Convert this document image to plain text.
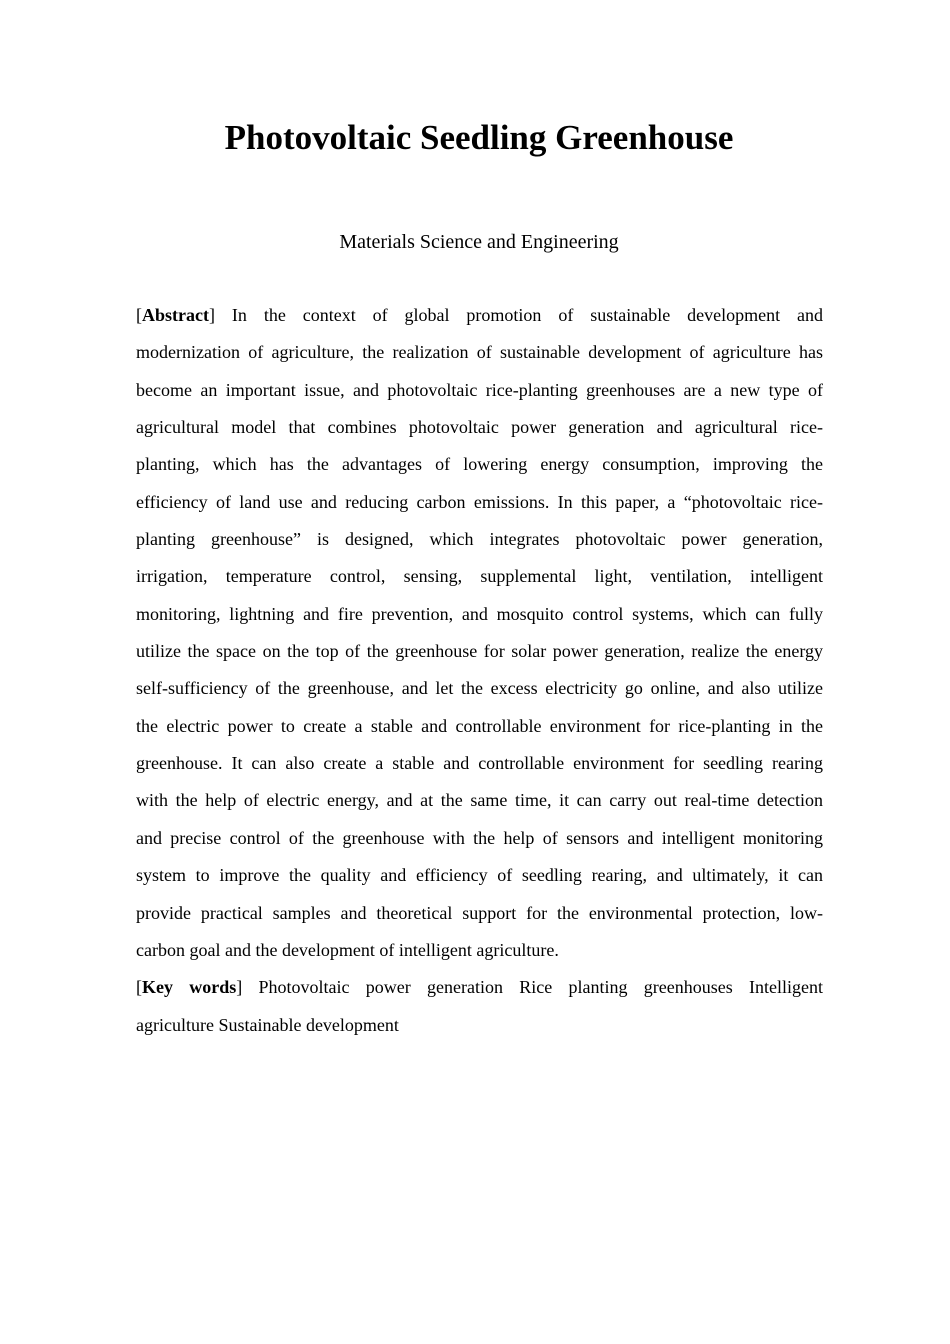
Photovoltaic Seedling Greenhouse
Materials Science and Engineering
[Abstract] In the context of global promotion of sustainable development and
modernization of agriculture, the realization of sustainable development of agriculture has
become an important issue, and photovoltaic rice-planting greenhouses are a new type of
agricultural model that combines photovoltaic power generation and agricultural rice-
planting, which has the advantages of lowering energy consumption, improving the
efficiency of land use and reducing carbon emissions. In this paper, a “photovoltaic rice-
planting greenhouse” is designed, which integrates photovoltaic power generation,
irrigation, temperature control, sensing, supplemental light, ventilation, intelligent
monitoring, lightning and fire prevention, and mosquito control systems, which can fully
utilize the space on the top of the greenhouse for solar power generation, realize the energy
self-sufficiency of the greenhouse, and let the excess electricity go online, and also utilize
the electric power to create a stable and controllable environment for rice-planting in the
greenhouse. It can also create a stable and controllable environment for seedling rearing
with the help of electric energy, and at the same time, it can carry out real-time detection
and precise control of the greenhouse with the help of sensors and intelligent monitoring
system to improve the quality and efficiency of seedling rearing, and ultimately, it can
provide practical samples and theoretical support for the environmental protection, low-
carbon goal and the development of intelligent agriculture.
[Key words] Photovoltaic power generation Rice planting greenhouses Intelligent
agriculture Sustainable development
